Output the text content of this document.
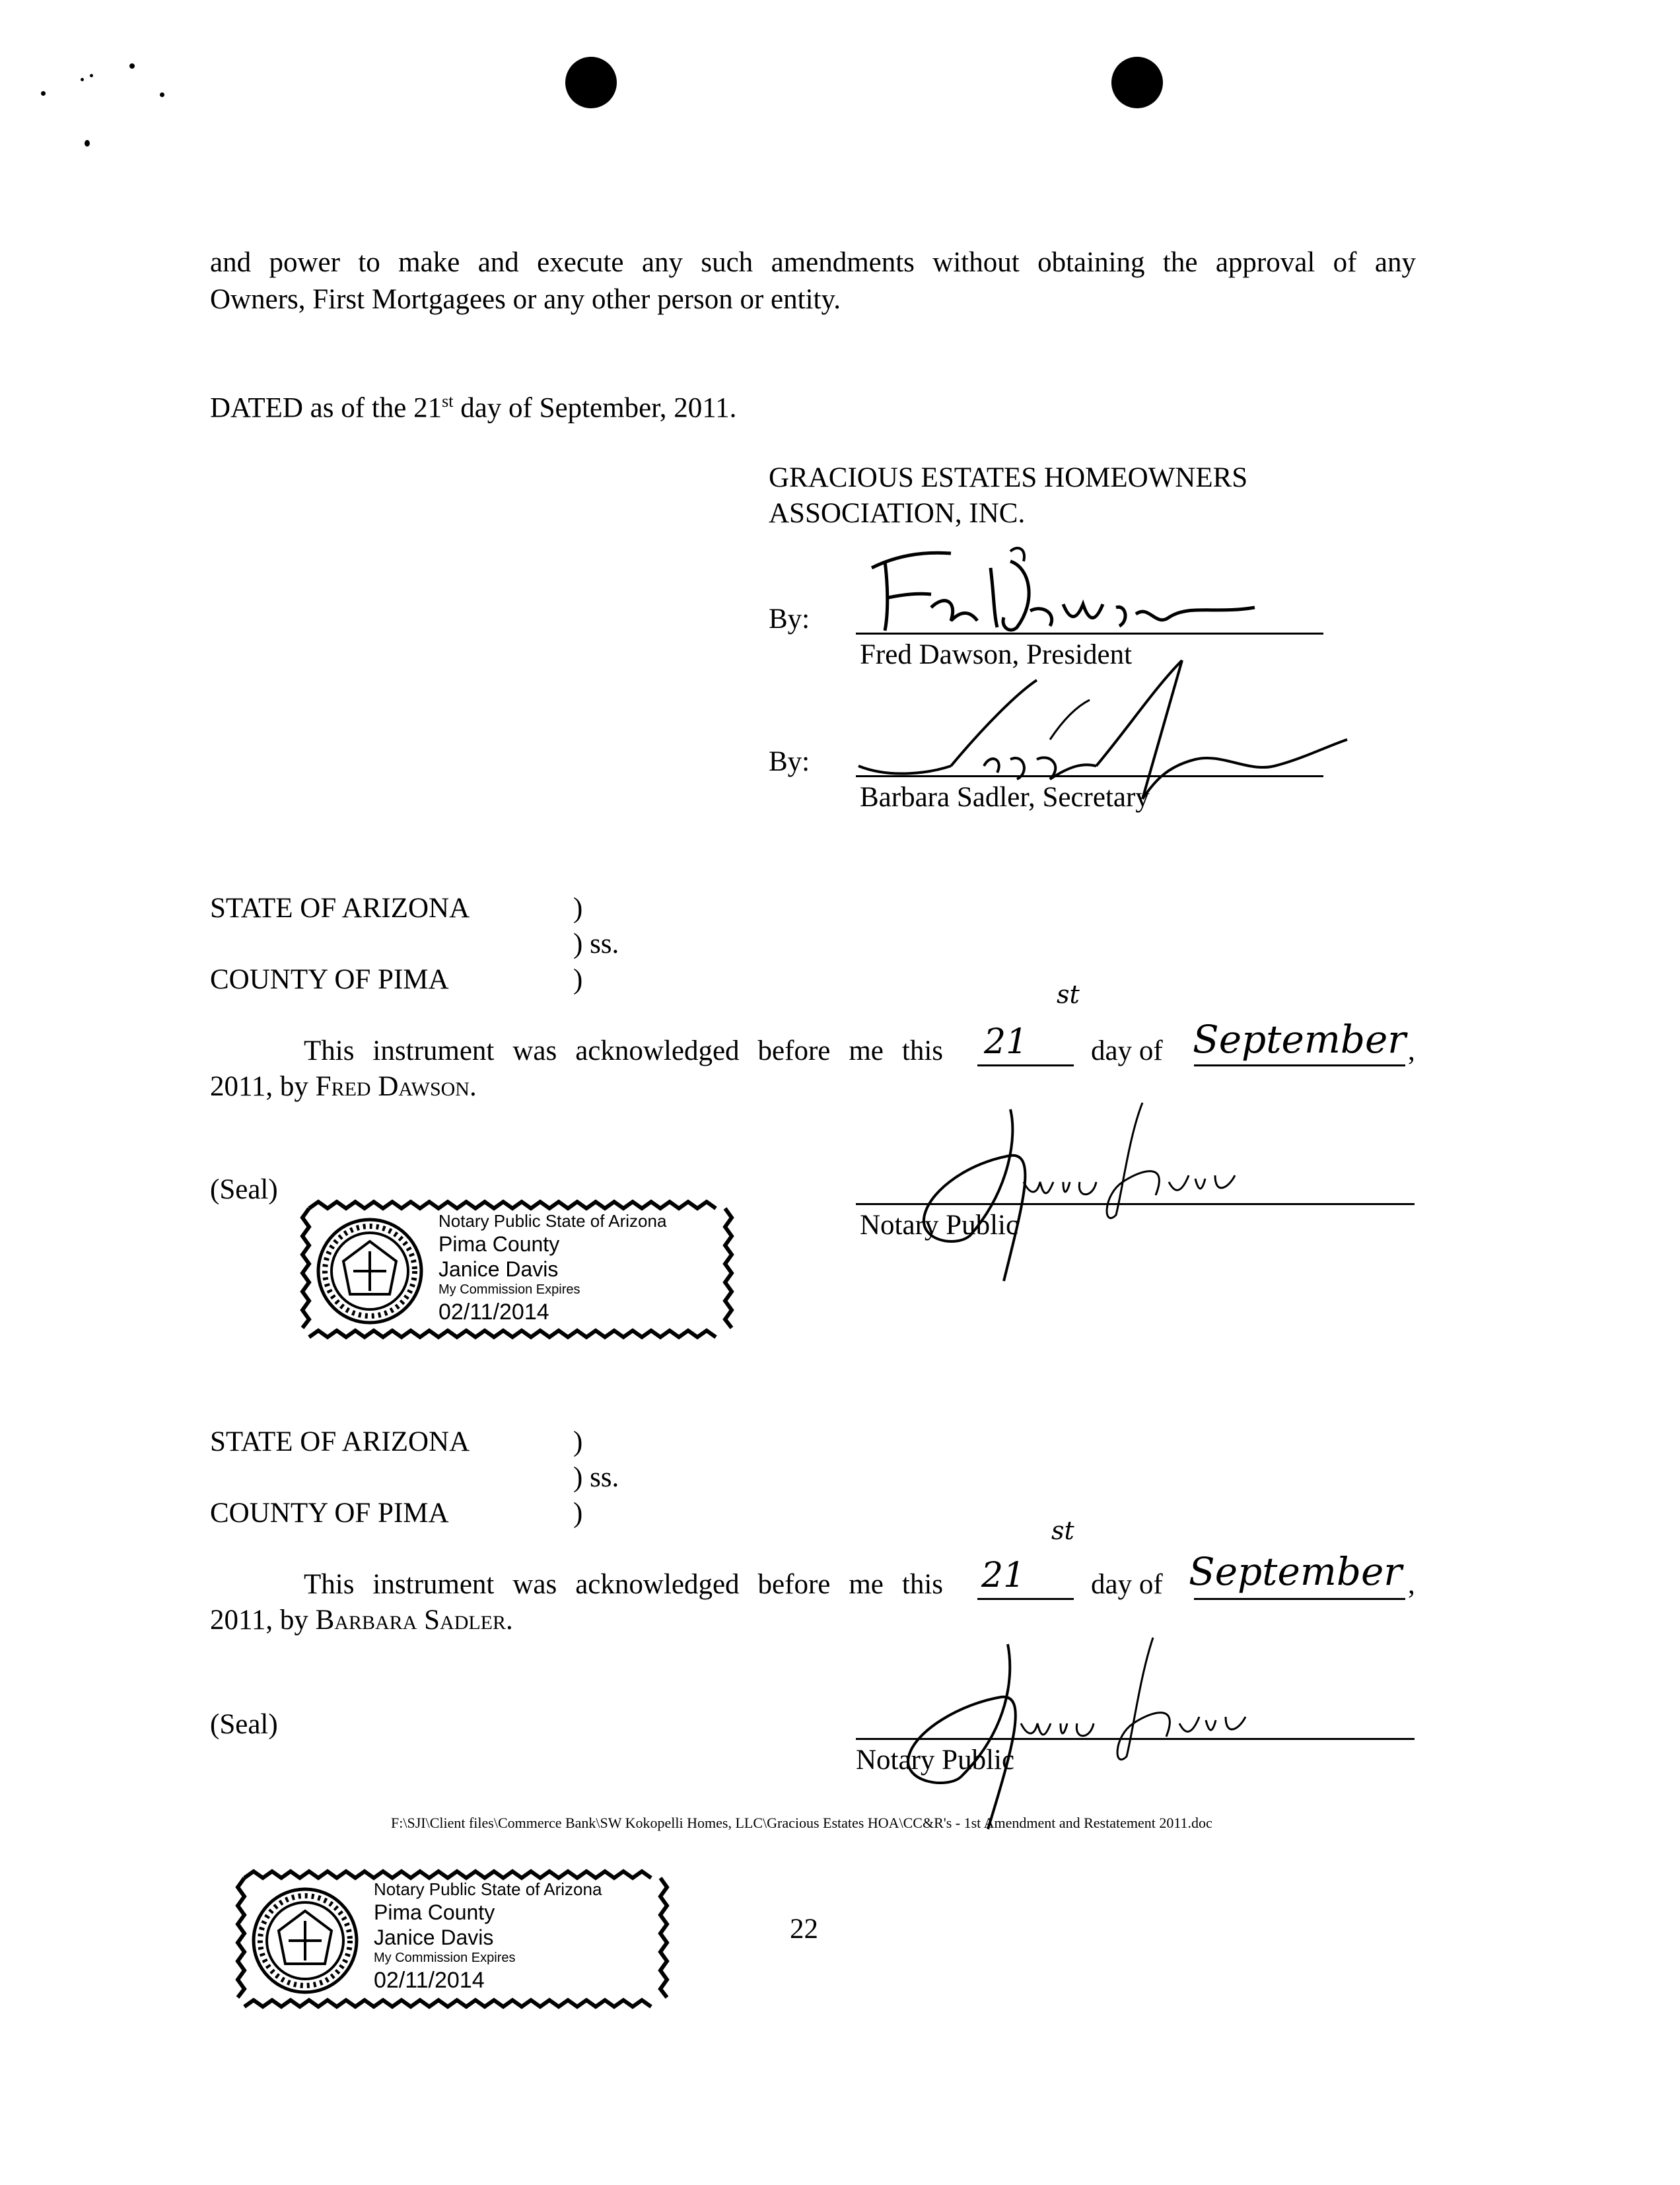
and power to make and execute any such amendments without obtaining the approval of any
Owners, First Mortgagees or any other person or entity.
DATED as of the 21st day of September, 2011.
GRACIOUS ESTATES HOMEOWNERS
ASSOCIATION, INC.
By:
Fred Dawson, President
By:
Barbara Sadler, Secretary
STATE OF ARIZONA	)
) ss.
COUNTY OF PIMA	)
This instrument was acknowledged before me this 21
st
day of September ,
2011, by Fred Dawson.
(Seal)
Notary Public
Notary Public State of Arizona
Pima County
Janice Davis
My Commission Expires
02/11/2014
STATE OF ARIZONA	)
) ss.
COUNTY OF PIMA	)
This instrument was acknowledged before me this 21
st
day of September ,
2011, by Barbara Sadler.
(Seal)
Notary Public
F:\SJI\Client files\Commerce Bank\SW Kokopelli Homes, LLC\Gracious Estates HOA\CC&R's - 1st Amendment and Restatement 2011.doc
Notary Public State of Arizona
Pima County
Janice Davis
My Commission Expires
02/11/2014
22
